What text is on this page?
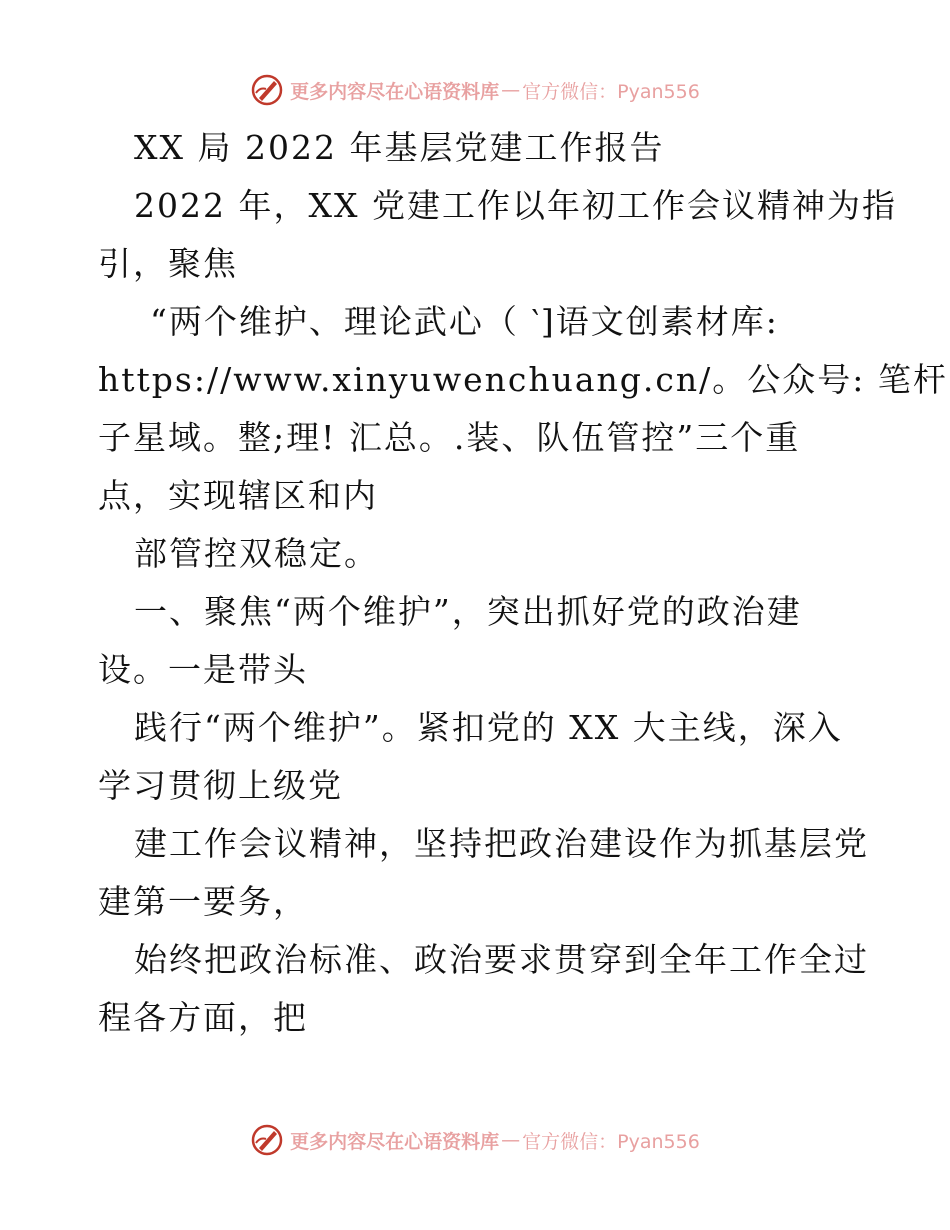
更多内容尽在心语资料库 — 官方微信：Pyan556
XX 局 2022 年基层党建工作报告
2022 年，XX 党建工作以年初工作会议精神为指
引，聚焦
“两个维护、理论武心（ ‵]语文创素材库:
https://www.xinyuwenchuang.cn/。公众号: 笔杆
子星域。整;理! 汇总。.装、队伍管控”三个重
点，实现辖区和内
部管控双稳定。
一、聚焦“两个维护”，突出抓好党的政治建
设。一是带头
践行“两个维护”。紧扣党的 XX 大主线，深入
学习贯彻上级党
建工作会议精神，坚持把政治建设作为抓基层党
建第一要务，
始终把政治标准、政治要求贯穿到全年工作全过
程各方面，把
更多内容尽在心语资料库 — 官方微信：Pyan556
